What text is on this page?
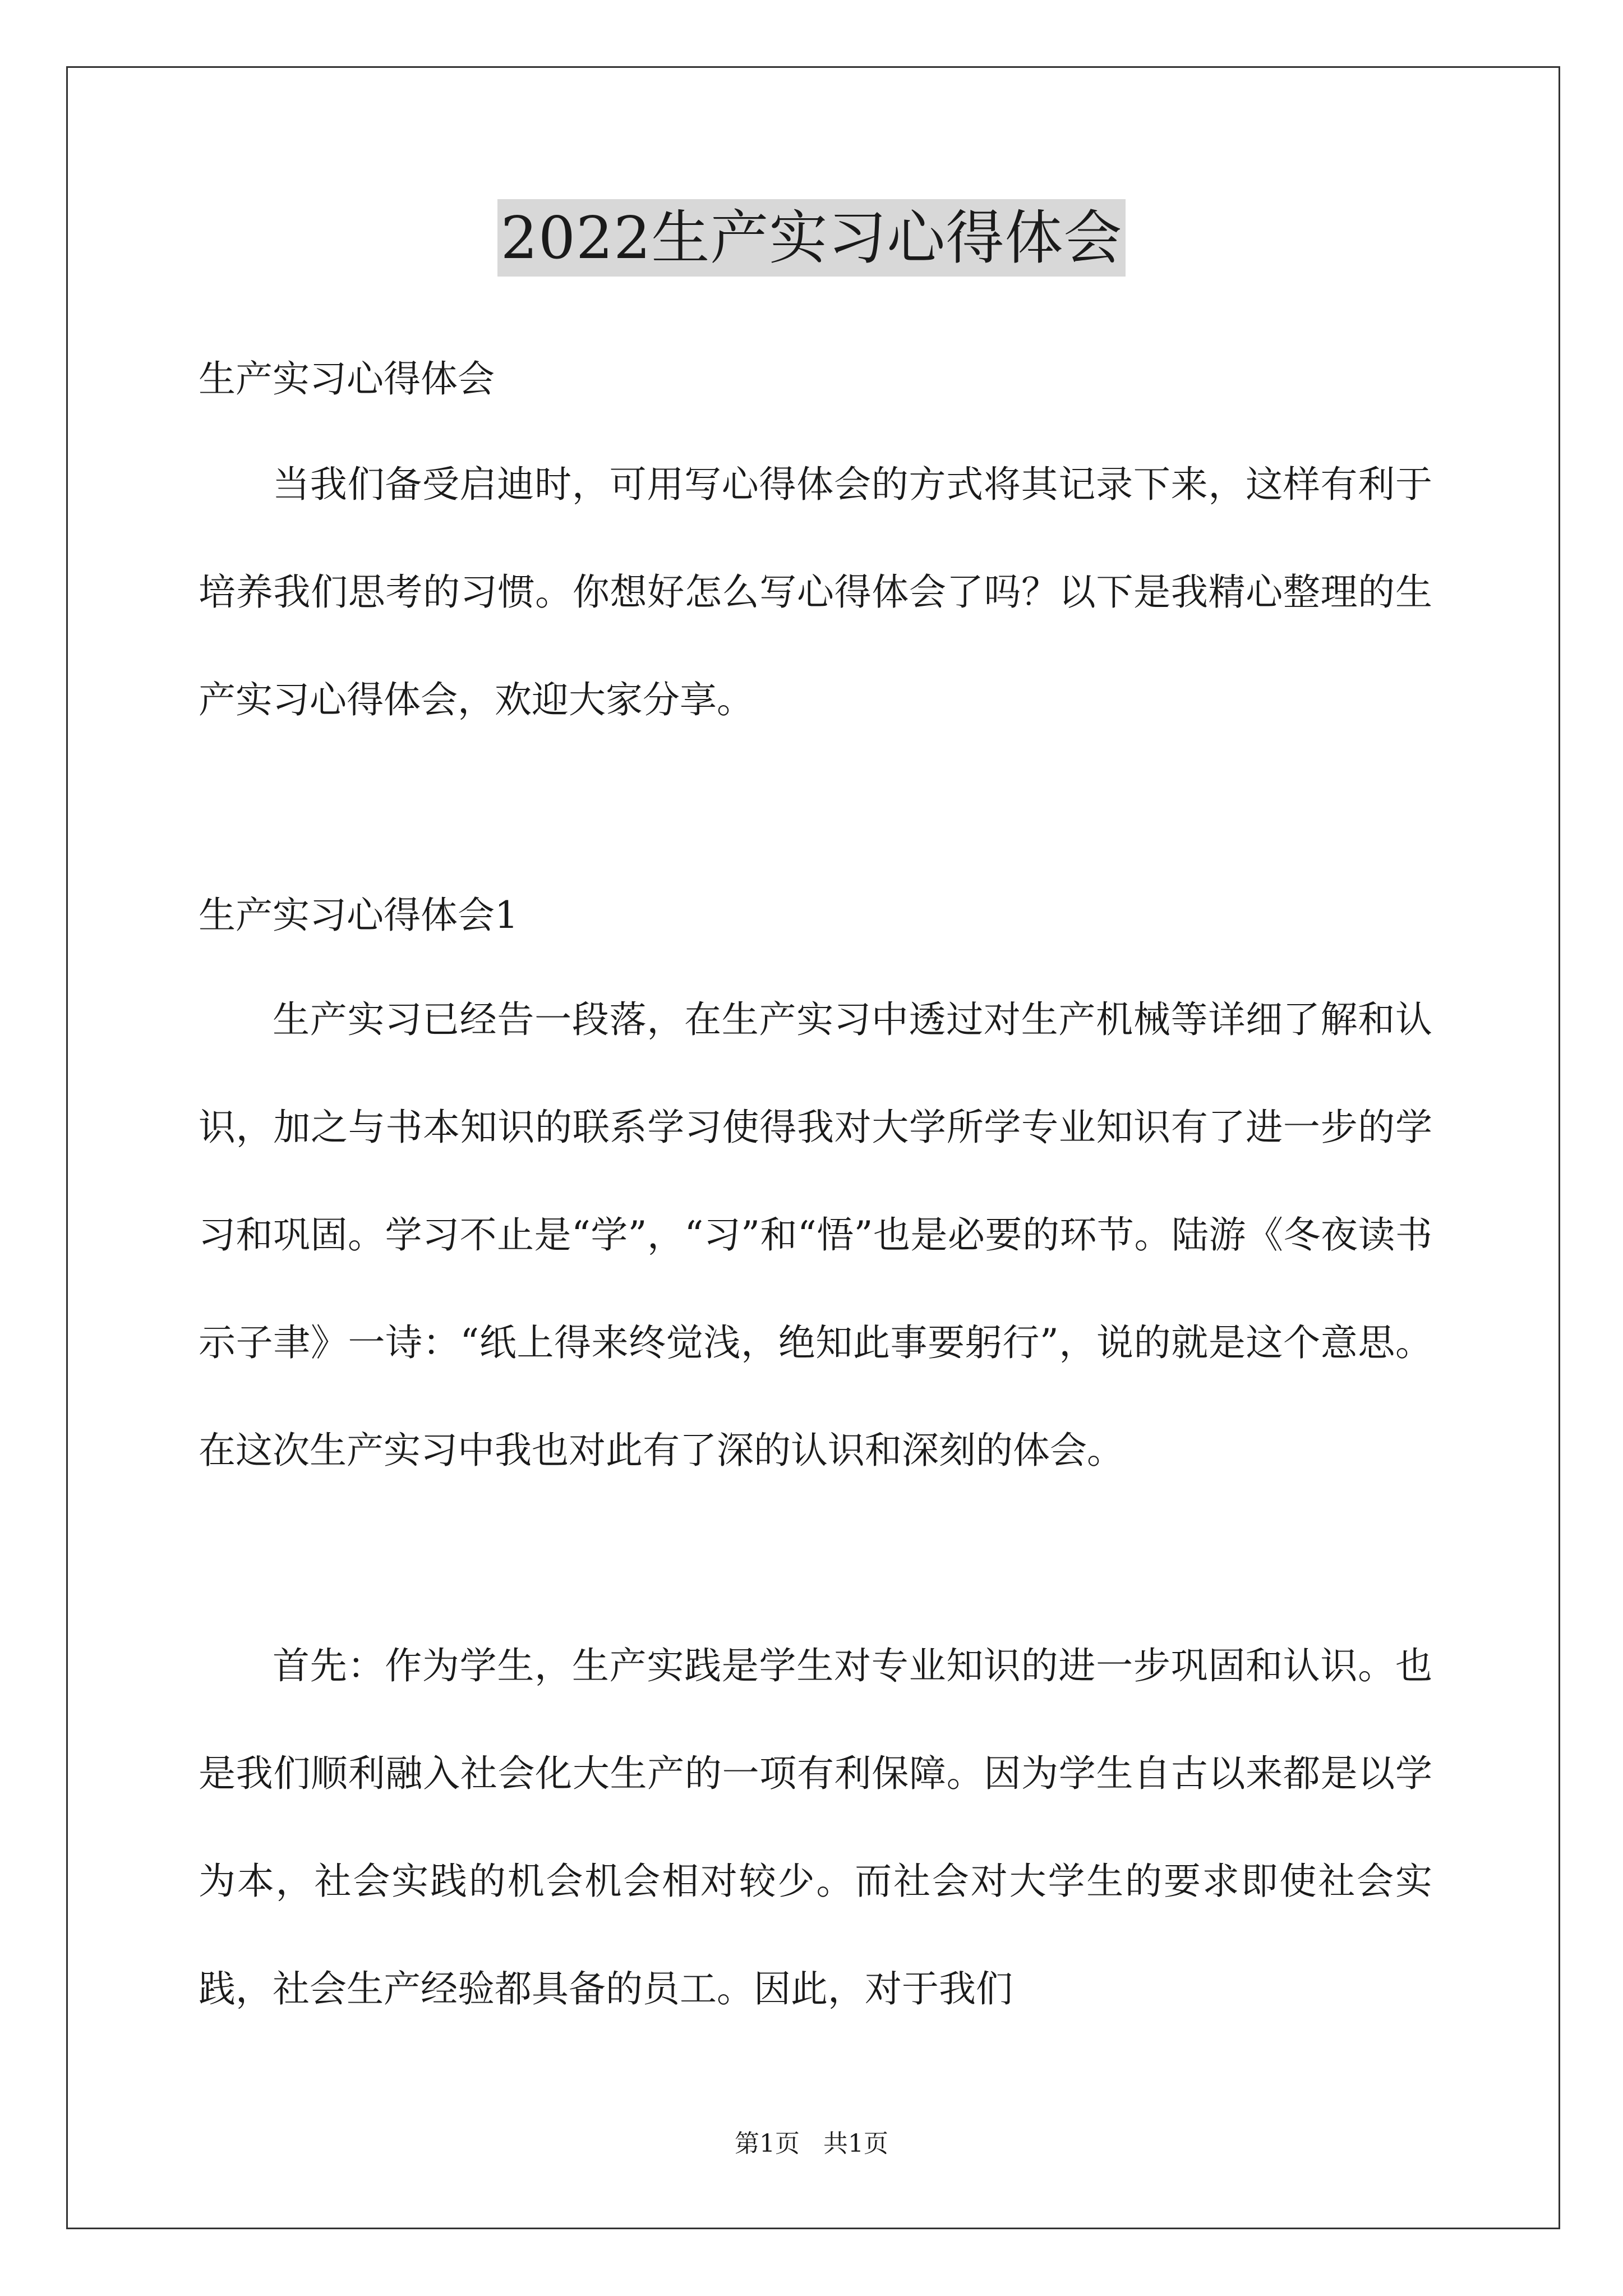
2022生产实习心得体会
生产实习心得体会

当我们备受启迪时，可用写心得体会的方式将其记录下来，这样有利于培养我们思考的习惯。你想好怎么写心得体会了吗？以下是我精心整理的生产实习心得体会，欢迎大家分享。

生产实习心得体会1

生产实习已经告一段落，在生产实习中透过对生产机械等详细了解和认识，加之与书本知识的联系学习使得我对大学所学专业知识有了进一步的学习和巩固。学习不止是“学”，“习”和“悟”也是必要的环节。陆游《冬夜读书示子聿》一诗：“纸上得来终觉浅，绝知此事要躬行”，说的就是这个意思。在这次生产实习中我也对此有了深的认识和深刻的体会。

首先：作为学生，生产实践是学生对专业知识的进一步巩固和认识。也是我们顺利融入社会化大生产的一项有利保障。因为学生自古以来都是以学为本，社会实践的机会机会相对较少。而社会对大学生的要求即使社会实践，社会生产经验都具备的员工。因此，对于我们

第1页   共1页
